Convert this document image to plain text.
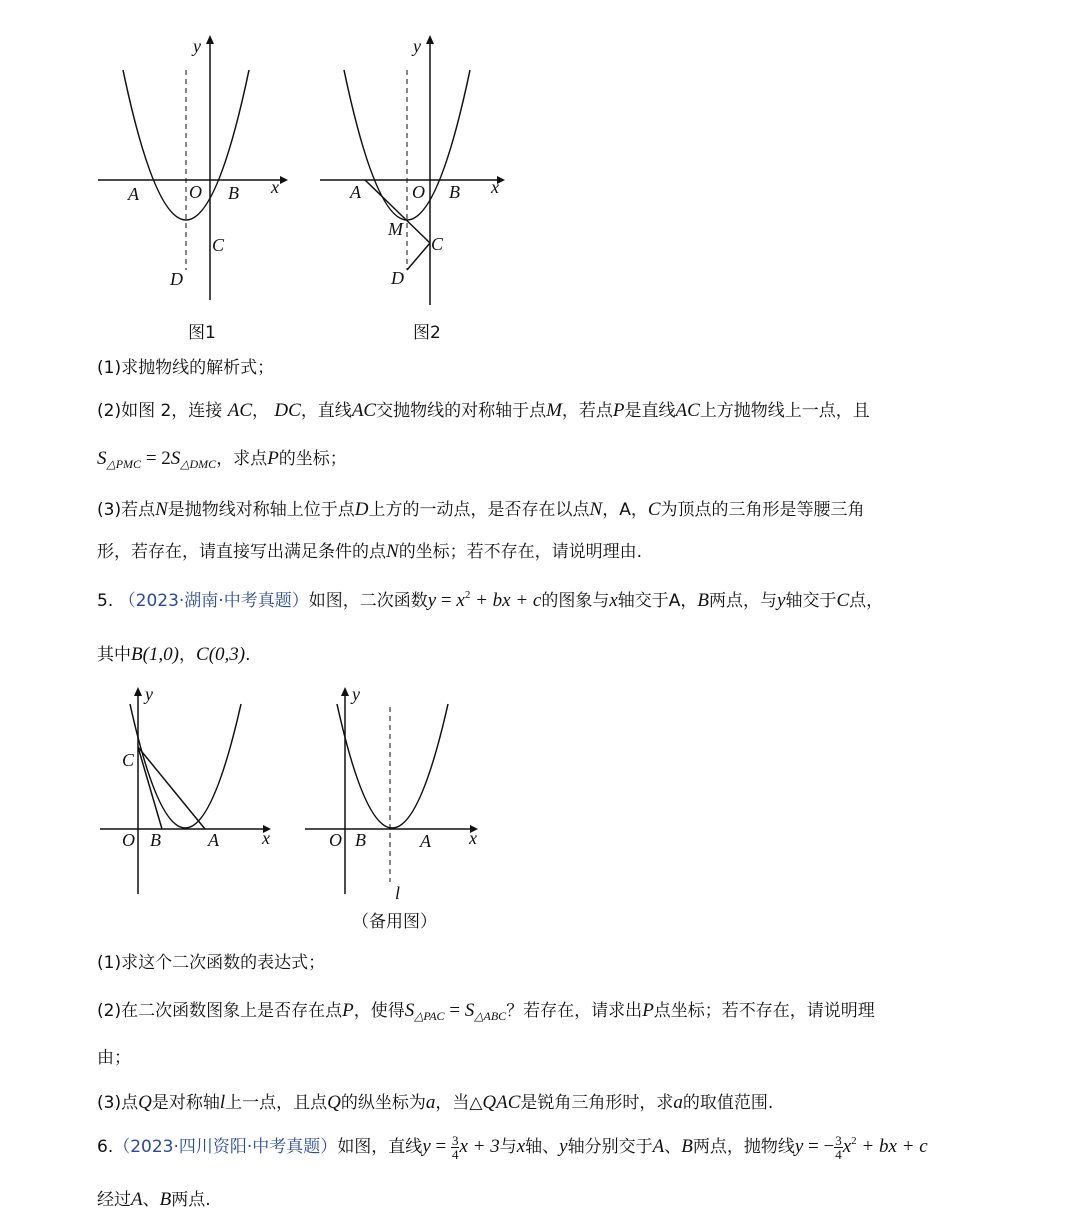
y
x
A	O B
C
D
图1
y
x
A	O B
C
D
M
图2
(1)求抛物线的解析式；
(2)如图 2，连接 AC， DC，直线AC交抛物线的对称轴于点M，若点P是直线AC上方抛物线上一点，且
$S_{\triangle PMC} = 2S_{\triangle DMC}$，求点P的坐标；
(3)若点N是抛物线对称轴上位于点D上方的一动点，是否存在以点N，A，C为顶点的三角形是等腰三角
形，若存在，请直接写出满足条件的点N的坐标；若不存在，请说明理由.
5. （2023·湖南·中考真题）如图，二次函数$y = x^2$ + bx + c的图象与x轴交于A，B两点，与y轴交于C点，
其中B(1,0)，C(0,3).
y
x
C
O B	A
y
x
O B	A
l
（备用图）
(1)求这个二次函数的表达式；
(2)在二次函数图象上是否存在点P，使得$S_{\triangle PAC} = S_{\triangle ABC}$？若存在，请求出P点坐标；若不存在，请说明理
由；
(3)点Q是对称轴l上一点，且点Q的纵坐标为a，当△QAC是锐角三角形时，求a的取值范围.
6.（2023·四川资阳·中考真题）如图，直线$y = \frac{3}{4}$ x + 3与x轴、y轴分别交于A、B两点，抛物线y = − $\frac{3}{4} x^2$ + bx + c
经过A、B两点.
